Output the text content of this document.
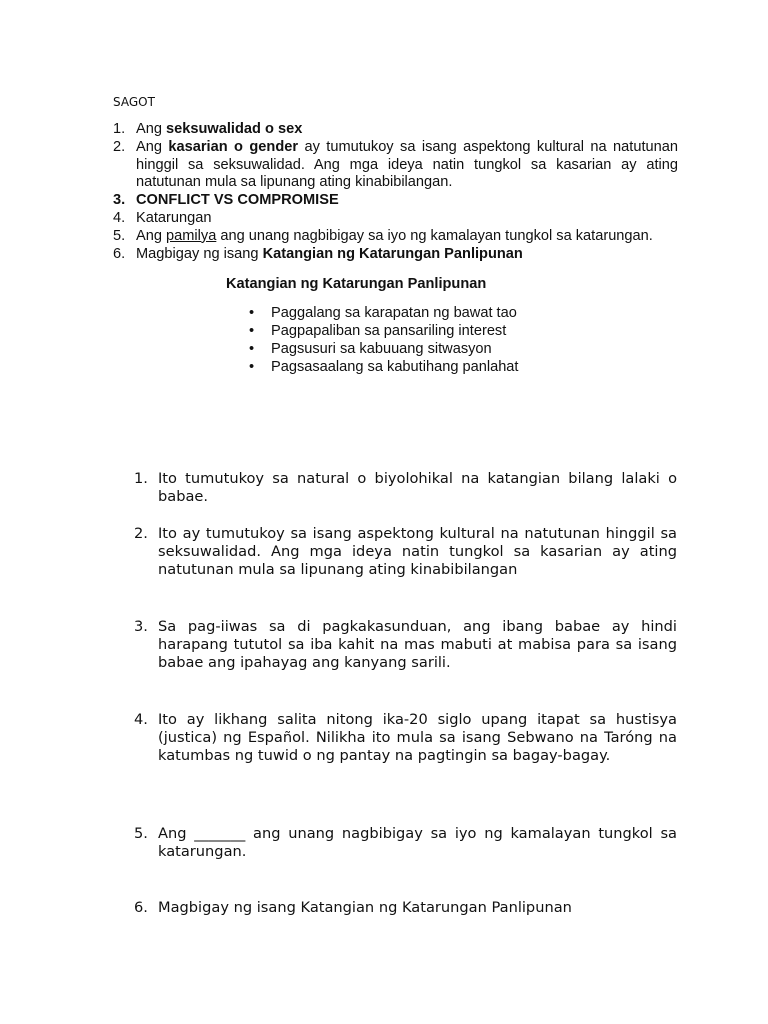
SAGOT
1. Ang seksuwalidad o sex
2. Ang kasarian o gender ay tumutukoy sa isang aspektong kultural na natutunan hinggil sa seksuwalidad. Ang mga ideya natin tungkol sa kasarian ay ating natutunan mula sa lipunang ating kinabibilangan.
3. CONFLICT VS COMPROMISE
4. Katarungan
5. Ang pamilya ang unang nagbibigay sa iyo ng kamalayan tungkol sa katarungan.
6. Magbigay ng isang Katangian ng Katarungan Panlipunan
Katangian ng Katarungan Panlipunan
• Paggalang sa karapatan ng bawat tao
• Pagpapaliban sa pansariling interest
• Pagsusuri sa kabuuang sitwasyon
• Pagsasaalang sa kabutihang panlahat
1. Ito tumutukoy sa natural o biyolohikal na katangian bilang lalaki o babae.
2. Ito ay tumutukoy sa isang aspektong kultural na natutunan hinggil sa seksuwalidad. Ang mga ideya natin tungkol sa kasarian ay ating natutunan mula sa lipunang ating kinabibilangan
3. Sa pag-iiwas sa di pagkakasunduan, ang ibang babae ay hindi harapang tututol sa iba kahit na mas mabuti at mabisa para sa isang babae ang ipahayag ang kanyang sarili.
4. Ito ay likhang salita nitong ika-20 siglo upang itapat sa hustisya (justica) ng Español. Nilikha ito mula sa isang Sebwano na Taróng na katumbas ng tuwid o ng pantay na pagtingin sa bagay-bagay.
5. Ang _______ ang unang nagbibigay sa iyo ng kamalayan tungkol sa katarungan.
6. Magbigay ng isang Katangian ng Katarungan Panlipunan
